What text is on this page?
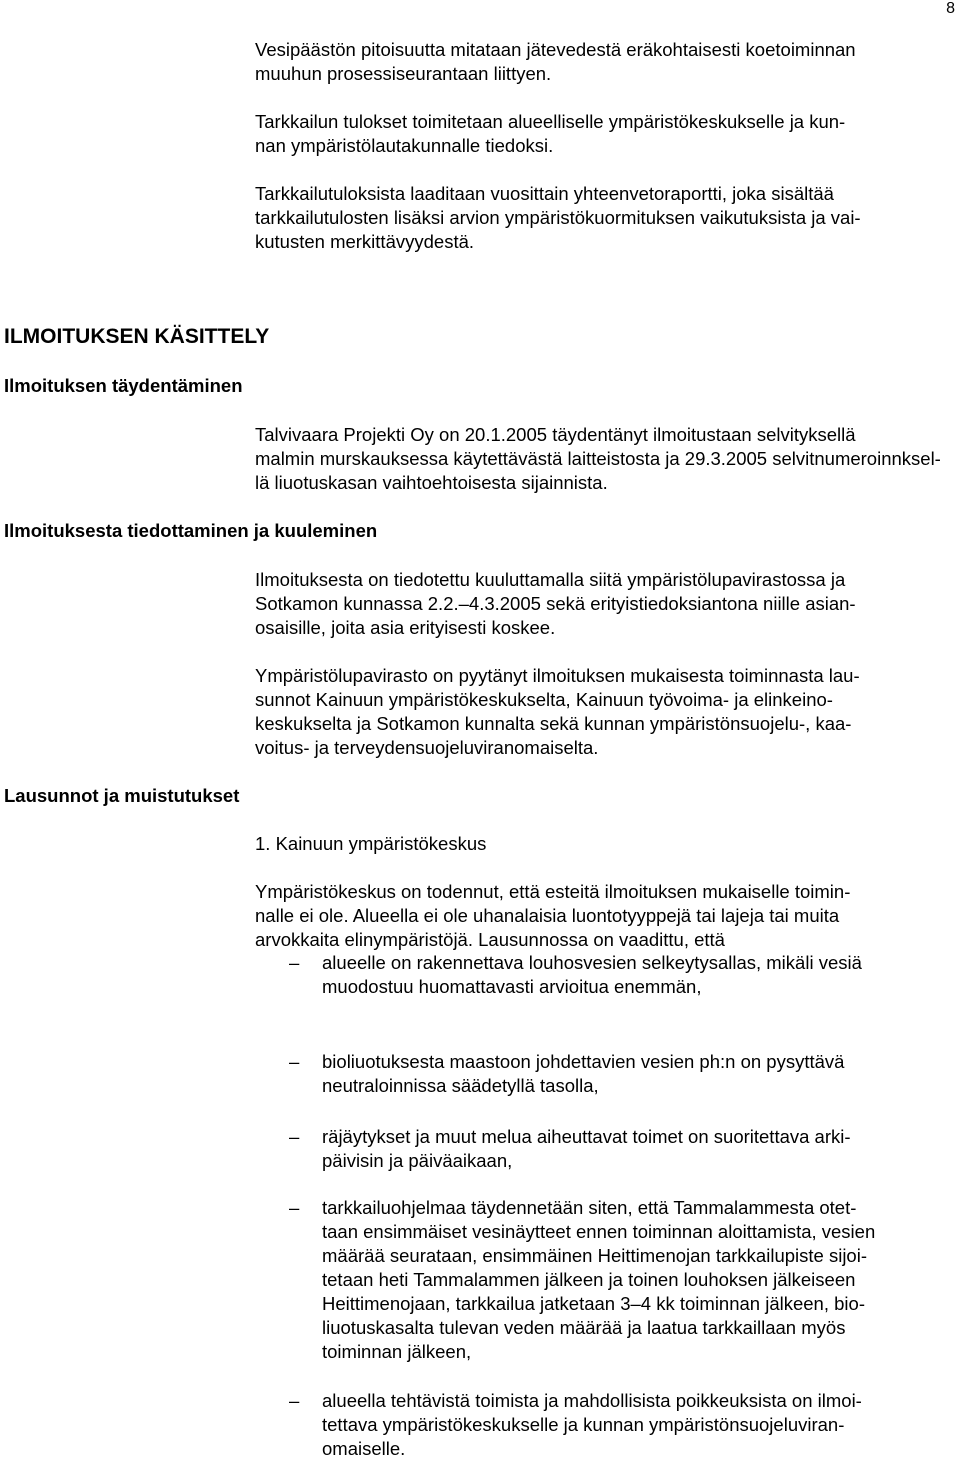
8
Vesipäästön pitoisuutta mitataan jätevedestä eräkohtaisesti koetoiminnan
muuhun prosessiseurantaan liittyen.
Tarkkailun tulokset toimitetaan alueelliselle ympäristökeskukselle ja kun-
nan ympäristölautakunnalle tiedoksi.
Tarkkailutuloksista laaditaan vuosittain yhteenvetoraportti, joka sisältää
tarkkailutulosten lisäksi arvion ympäristökuormituksen vaikutuksista ja vai-
kutusten merkittävyydestä.
ILMOITUKSEN KÄSITTELY
Ilmoituksen täydentäminen
Talvivaara Projekti Oy on 20.1.2005 täydentänyt ilmoitustaan selvityksellä
malmin murskauksessa käytettävästä laitteistosta ja 29.3.2005 selvitnumeroinnksel-
lä liuotuskasan vaihtoehtoisesta sijainnista.
Ilmoituksesta tiedottaminen ja kuuleminen
Ilmoituksesta on tiedotettu kuuluttamalla siitä ympäristölupavirastossa ja
Sotkamon kunnassa 2.2.–4.3.2005 sekä erityistiedoksiantona niille asian-
osaisille, joita asia erityisesti koskee.
Ympäristölupavirasto on pyytänyt ilmoituksen mukaisesta toiminnasta lau-
sunnot Kainuun ympäristökeskukselta, Kainuun työvoima- ja elinkeino-
keskukselta ja Sotkamon kunnalta sekä kunnan ympäristönsuojelu-, kaa-
voitus- ja terveydensuojeluviranomaiselta.
Lausunnot ja muistutukset
1. Kainuun ympäristökeskus
Ympäristökeskus on todennut, että esteitä ilmoituksen mukaiselle toimin-
nalle ei ole. Alueella ei ole uhanalaisia luontotyyppejä tai lajeja tai muita
arvokkaita elinympäristöjä. Lausunnossa on vaadittu, että
– alueelle on rakennettava louhosvesien selkeytysallas, mikäli vesiä
muodostuu huomattavasti arvioitua enemmän,
– bioliuotuksesta maastoon johdettavien vesien ph:n on pysyttävä
neutraloinnissa säädetyllä tasolla,
– räjäytykset ja muut melua aiheuttavat toimet on suoritettava arki-
päivisin ja päiväaikaan,
– tarkkailuohjelmaa täydennetään siten, että Tammalammesta otet-
taan ensimmäiset vesinäytteet ennen toiminnan aloittamista, vesien
määrää seurataan, ensimmäinen Heittimenojan tarkkailupiste sijoi-
tetaan heti Tammalammen jälkeen ja toinen louhoksen jälkeiseen
Heittimenojaan, tarkkailua jatketaan 3–4 kk toiminnan jälkeen, bio-
liuotuskasalta tulevan veden määrää ja laatua tarkkaillaan myös
toiminnan jälkeen,
– alueella tehtävistä toimista ja mahdollisista poikkeuksista on ilmoi-
tettava ympäristökeskukselle ja kunnan ympäristönsuojeluviran-
omaiselle.
